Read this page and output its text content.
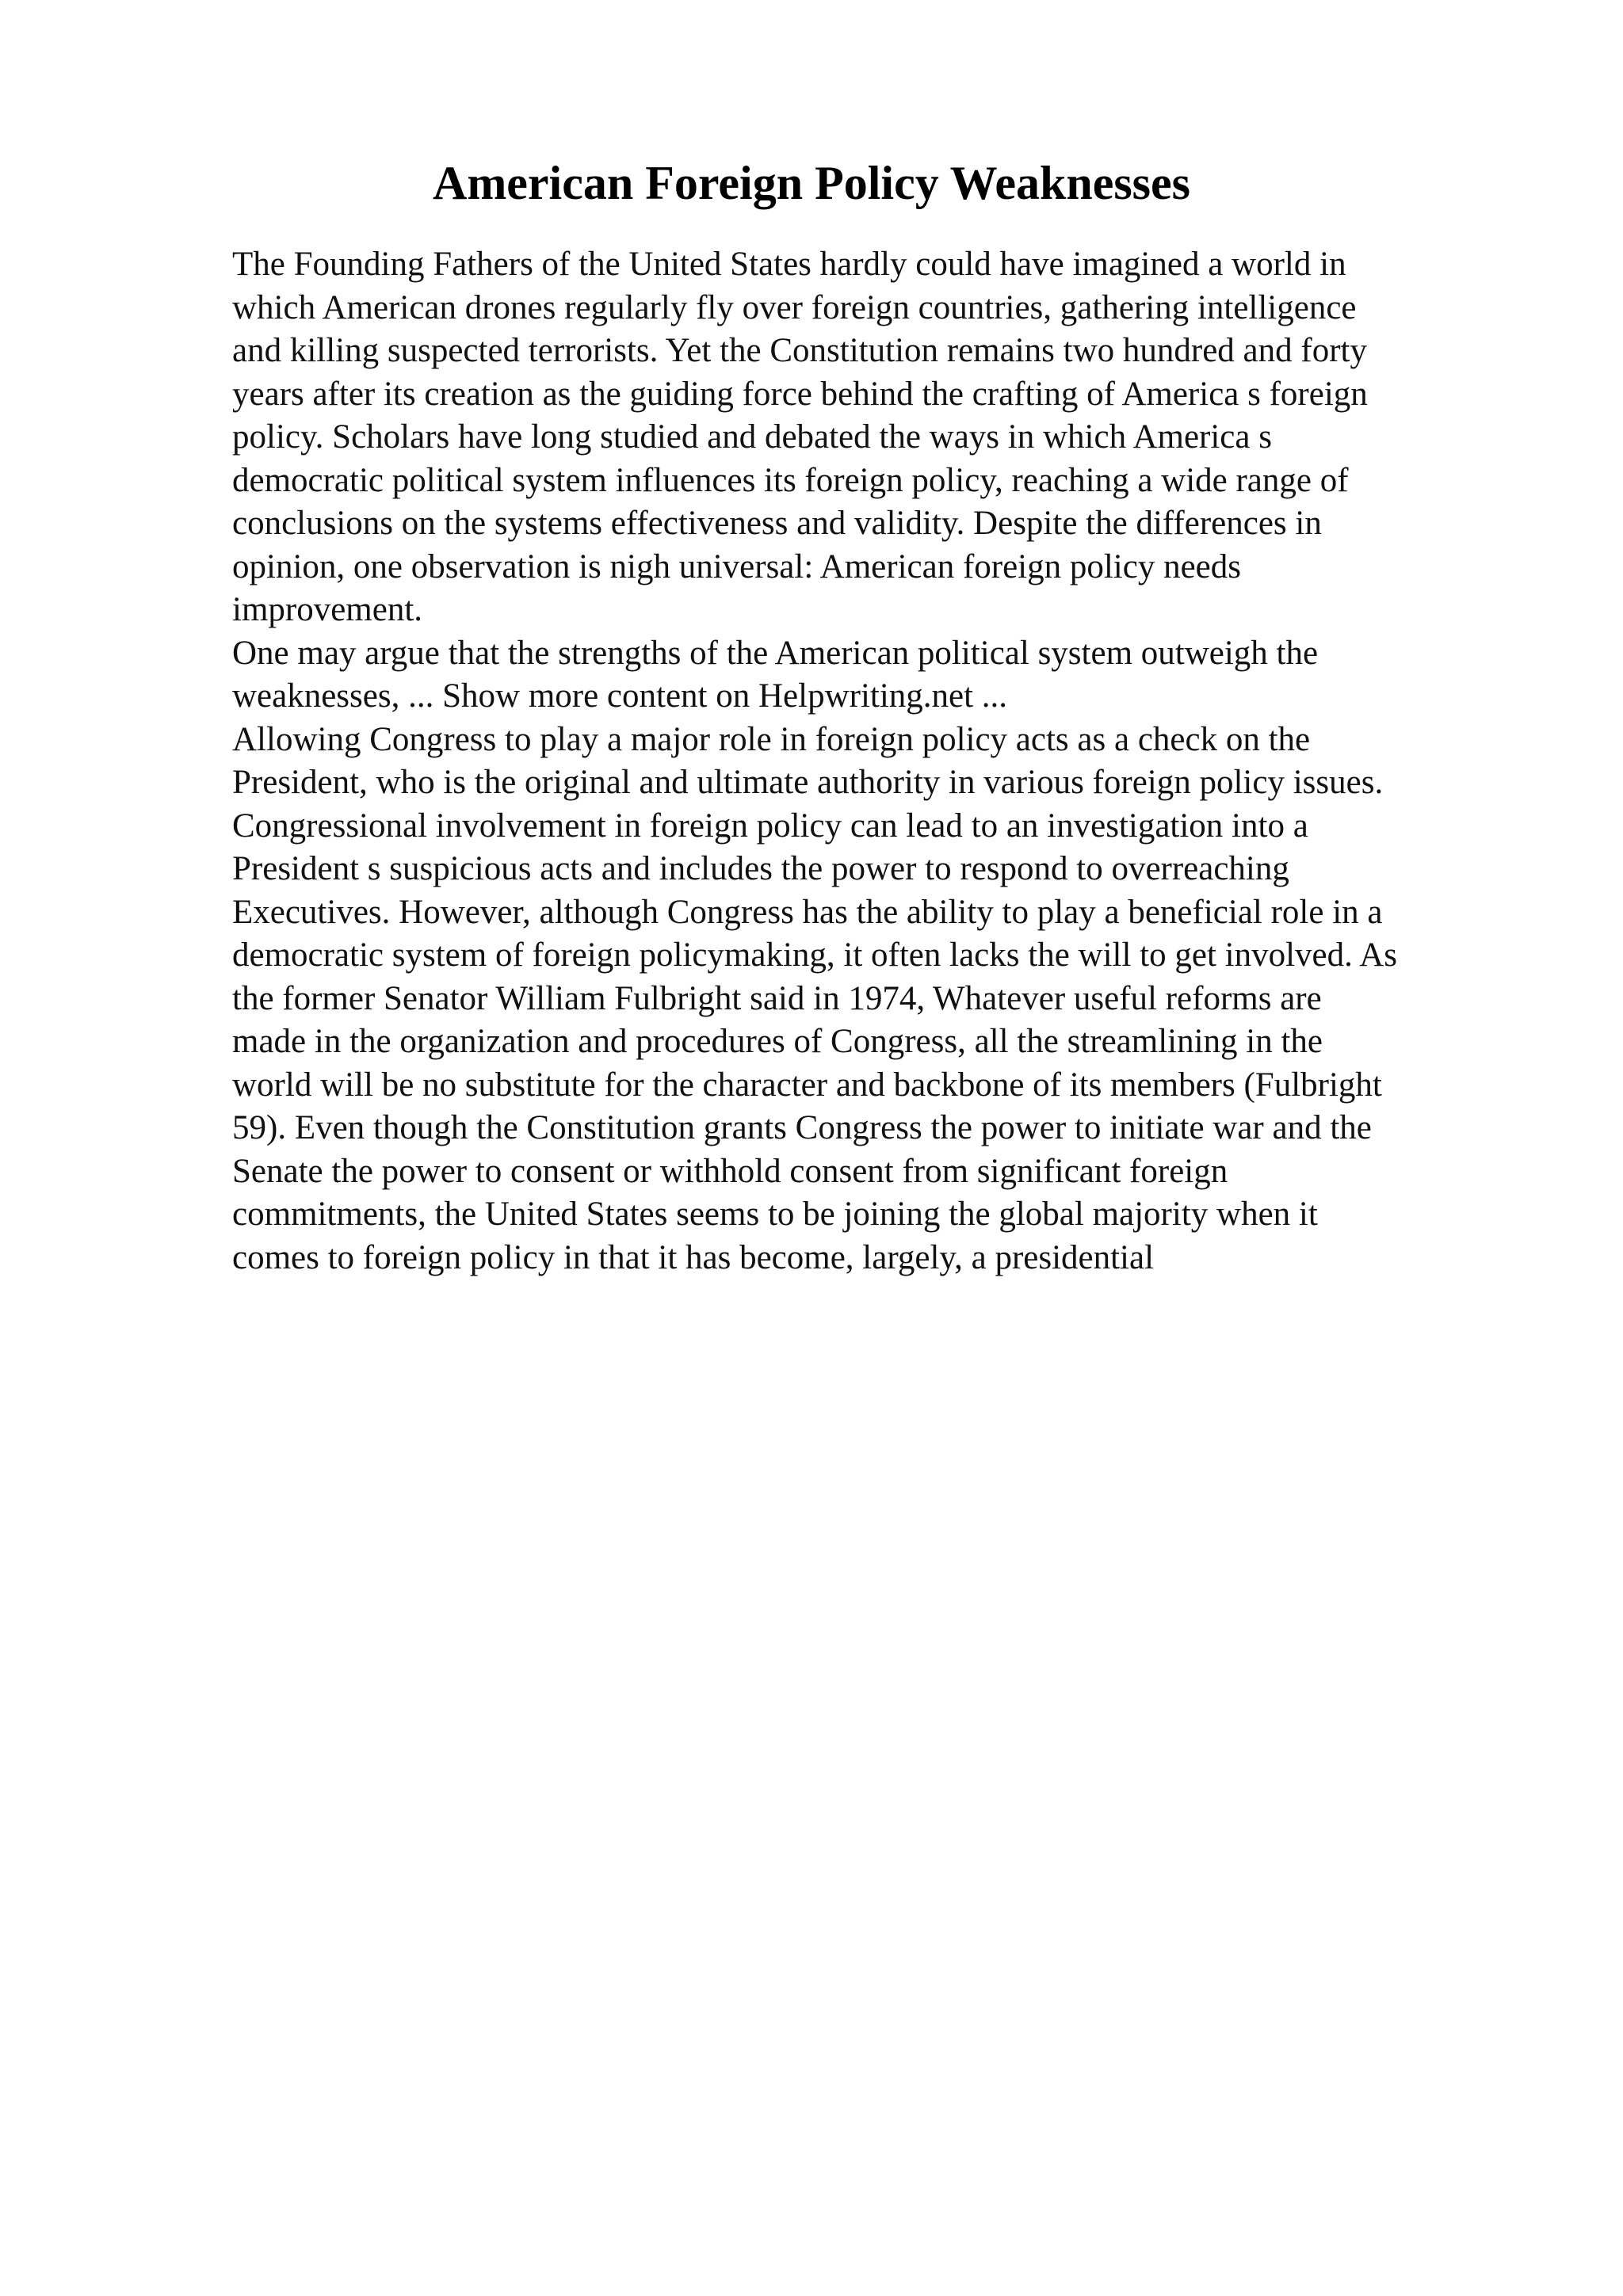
American Foreign Policy Weaknesses
The Founding Fathers of the United States hardly could have imagined a world in
which American drones regularly fly over foreign countries, gathering intelligence
and killing suspected terrorists. Yet the Constitution remains two hundred and forty
years after its creation as the guiding force behind the crafting of America s foreign
policy. Scholars have long studied and debated the ways in which America s
democratic political system influences its foreign policy, reaching a wide range of
conclusions on the systems effectiveness and validity. Despite the differences in
opinion, one observation is nigh universal: American foreign policy needs
improvement.
One may argue that the strengths of the American political system outweigh the
weaknesses, ... Show more content on Helpwriting.net ...
Allowing Congress to play a major role in foreign policy acts as a check on the
President, who is the original and ultimate authority in various foreign policy issues.
Congressional involvement in foreign policy can lead to an investigation into a
President s suspicious acts and includes the power to respond to overreaching
Executives. However, although Congress has the ability to play a beneficial role in a
democratic system of foreign policymaking, it often lacks the will to get involved. As
the former Senator William Fulbright said in 1974, Whatever useful reforms are
made in the organization and procedures of Congress, all the streamlining in the
world will be no substitute for the character and backbone of its members (Fulbright
59). Even though the Constitution grants Congress the power to initiate war and the
Senate the power to consent or withhold consent from significant foreign
commitments, the United States seems to be joining the global majority when it
comes to foreign policy in that it has become, largely, a presidential
